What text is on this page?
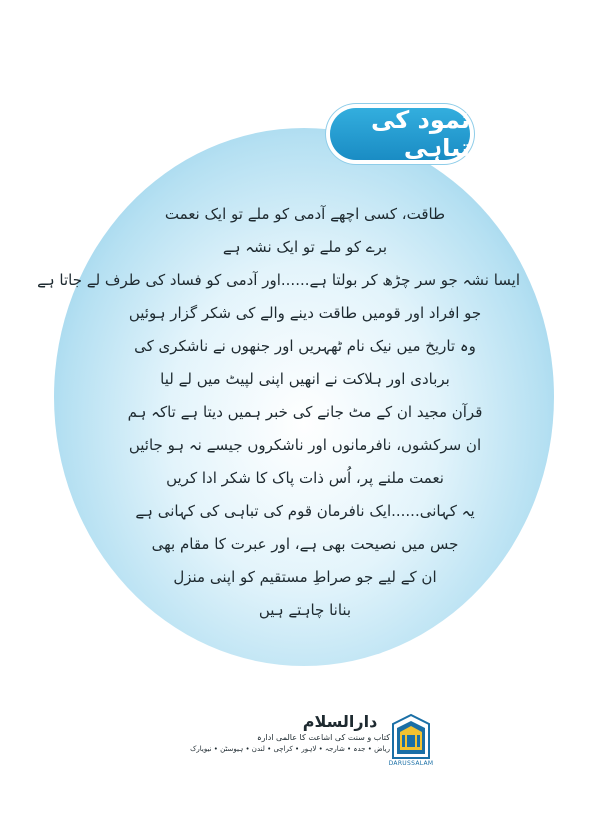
ثمود کی تباہی
طاقت، کسی اچھے آدمی کو ملے تو ایک نعمت
برے کو ملے تو ایک نشہ ہے
ایسا نشہ جو سر چڑھ کر بولتا ہے......اور آدمی کو فساد کی طرف لے جاتا ہے
جو افراد اور قومیں طاقت دینے والے کی شکر گزار ہوئیں
وہ تاریخ میں نیک نام ٹھہریں اور جنھوں نے ناشکری کی
بربادی اور ہلاکت نے انھیں اپنی لپیٹ میں لے لیا
قرآن مجید ان کے مٹ جانے کی خبر ہمیں دیتا ہے تاکہ ہم
ان سرکشوں، نافرمانوں اور ناشکروں جیسے نہ ہو جائیں
نعمت ملنے پر، اُس ذات پاک کا شکر ادا کریں
یہ کہانی......ایک نافرمان قوم کی تباہی کی کہانی ہے
جس میں نصیحت بھی ہے، اور عبرت کا مقام بھی
ان کے لیے جو صراطِ مستقیم کو اپنی منزل
بنانا چاہتے ہیں
دارالسلام
کتاب و سنت کی اشاعت کا عالمی ادارہ
ریاض • جدہ • شارجہ • لاہور • کراچی • لندن • ہیوسٹن • نیویارک
DARUSSALAM
